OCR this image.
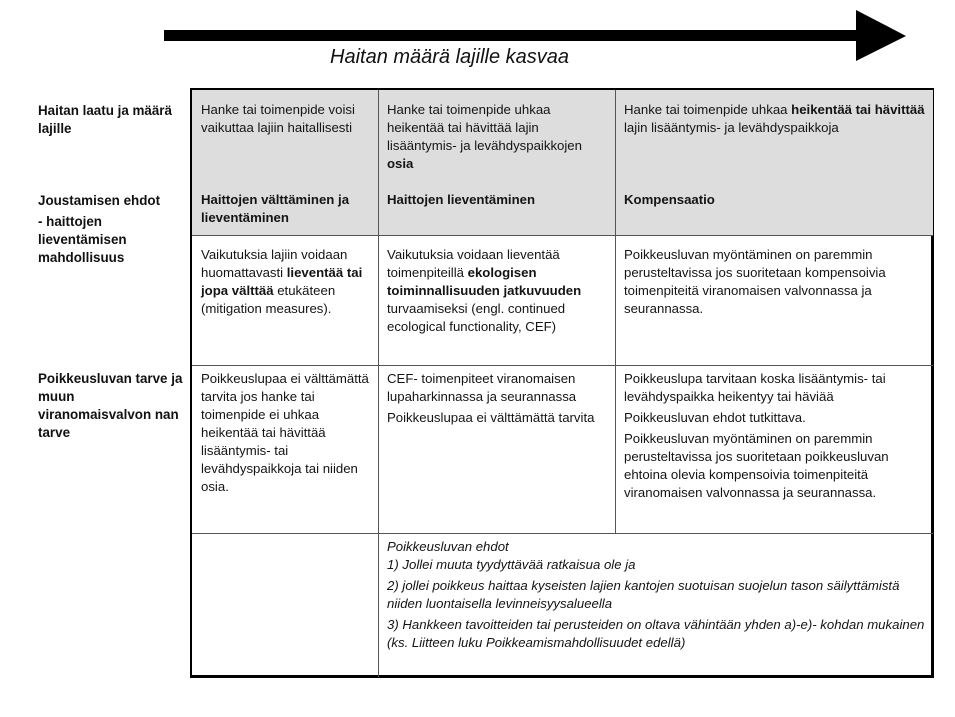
Haitan määrä lajille kasvaa
Haitan laatu ja määrä lajille
Joustamisen ehdot
- haittojen lieventämisen mahdollisuus
Poikkeusluvan tarve ja muun viranomaisvalvon nan tarve
Hanke tai toimenpide voisi vaikuttaa lajiin haitallisesti
Hanke tai toimenpide uhkaa heikentää tai hävittää lajin lisääntymis- ja levähdyspaikkojen osia
Hanke tai toimenpide uhkaa heikentää tai hävittää lajin lisääntymis- ja levähdyspaikkoja
Haittojen välttäminen ja lieventäminen
Haittojen lieventäminen	Kompensaatio
Vaikutuksia lajiin voidaan huomattavasti lieventää tai jopa välttää etukäteen (mitigation measures).
Vaikutuksia voidaan lieventää toimenpiteillä ekologisen toiminnallisuuden jatkuvuuden turvaamiseksi (engl. continued ecological functionality, CEF)
Poikkeusluvan myöntäminen on paremmin perusteltavissa jos suoritetaan kompensoivia toimenpiteitä viranomaisen valvonnassa ja seurannassa.
Poikkeuslupaa ei välttämättä tarvita jos hanke tai toimenpide ei uhkaa heikentää tai hävittää lisääntymis- tai levähdyspaikkoja tai niiden osia.

CEF- toimenpiteet viranomaisen lupaharkinnassa ja seurannassa

Poikkeuslupaa ei välttämättä tarvita

Poikkeuslupa tarvitaan koska lisääntymis- tai levähdyspaikka heikentyy tai häviää

Poikkeusluvan ehdot tutkittava.

Poikkeusluvan myöntäminen on paremmin perusteltavissa jos suoritetaan poikkeusluvan ehtoina olevia kompensoivia toimenpiteitä viranomaisen valvonnassa ja seurannassa.

Poikkeusluvan ehdot
1) Jollei muuta tyydyttävää ratkaisua ole ja

2) jollei poikkeus haittaa kyseisten lajien kantojen suotuisan suojelun tason säilyttämistä niiden luontaisella levinneisyysalueella

3) Hankkeen tavoitteiden tai perusteiden on oltava vähintään yhden a)-e)- kohdan mukainen (ks. Liitteen luku Poikkeamismahdollisuudet edellä)
